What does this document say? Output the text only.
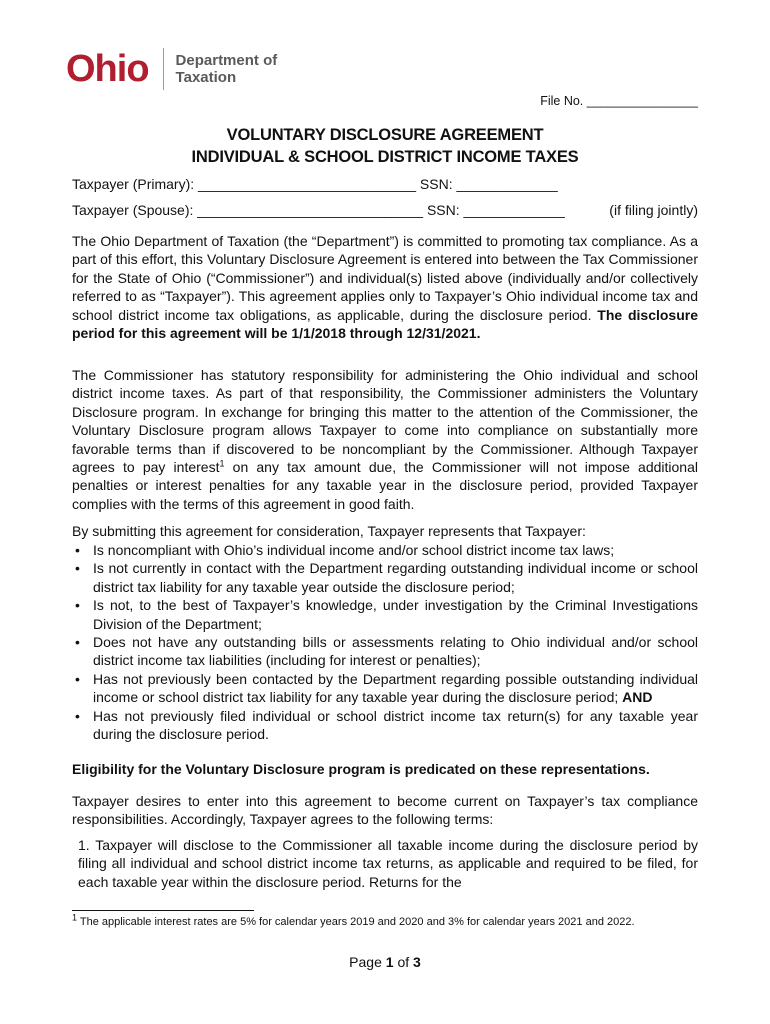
Ohio Department of
Taxation
File No. ________________
VOLUNTARY DISCLOSURE AGREEMENT
INDIVIDUAL & SCHOOL DISTRICT INCOME TAXES
Taxpayer (Primary): ____________________________ SSN: _____________
Taxpayer (Spouse): _____________________________ SSN: _____________	(if filing jointly)
The Ohio Department of Taxation (the “Department”) is committed to promoting tax compliance. As a part of this effort, this Voluntary Disclosure Agreement is entered into between the Tax Commissioner for the State of Ohio (“Commissioner”) and individual(s) listed above (individually and/or collectively referred to as “Taxpayer”). This agreement applies only to Taxpayer’s Ohio individual income tax and school district income tax obligations, as applicable, during the disclosure period. The disclosure period for this agreement will be 1/1/2018 through 12/31/2021.
The Commissioner has statutory responsibility for administering the Ohio individual and school district income taxes. As part of that responsibility, the Commissioner administers the Voluntary Disclosure program. In exchange for bringing this matter to the attention of the Commissioner, the Voluntary Disclosure program allows Taxpayer to come into compliance on substantially more favorable terms than if discovered to be noncompliant by the Commissioner. Although Taxpayer agrees to pay interest$^1$ on any tax amount due, the Commissioner will not impose additional penalties or interest penalties for any taxable year in the disclosure period, provided Taxpayer complies with the terms of this agreement in good faith.
By submitting this agreement for consideration, Taxpayer represents that Taxpayer:
• Is noncompliant with Ohio’s individual income and/or school district income tax laws;
• Is not currently in contact with the Department regarding outstanding individual income or school district tax liability for any taxable year outside the disclosure period;
• Is not, to the best of Taxpayer’s knowledge, under investigation by the Criminal Investigations Division of the Department;
• Does not have any outstanding bills or assessments relating to Ohio individual and/or school district income tax liabilities (including for interest or penalties);
• Has not previously been contacted by the Department regarding possible outstanding individual income or school district tax liability for any taxable year during the disclosure period; AND
• Has not previously filed individual or school district income tax return(s) for any taxable year during the disclosure period.
Eligibility for the Voluntary Disclosure program is predicated on these representations.
Taxpayer desires to enter into this agreement to become current on Taxpayer’s tax compliance responsibilities. Accordingly, Taxpayer agrees to the following terms:
1. Taxpayer will disclose to the Commissioner all taxable income during the disclosure period by filing all individual and school district income tax returns, as applicable and required to be filed, for each taxable year within the disclosure period. Returns for the
$^1$ The applicable interest rates are 5% for calendar years 2019 and 2020 and 3% for calendar years 2021 and 2022.
Page 1 of 3
